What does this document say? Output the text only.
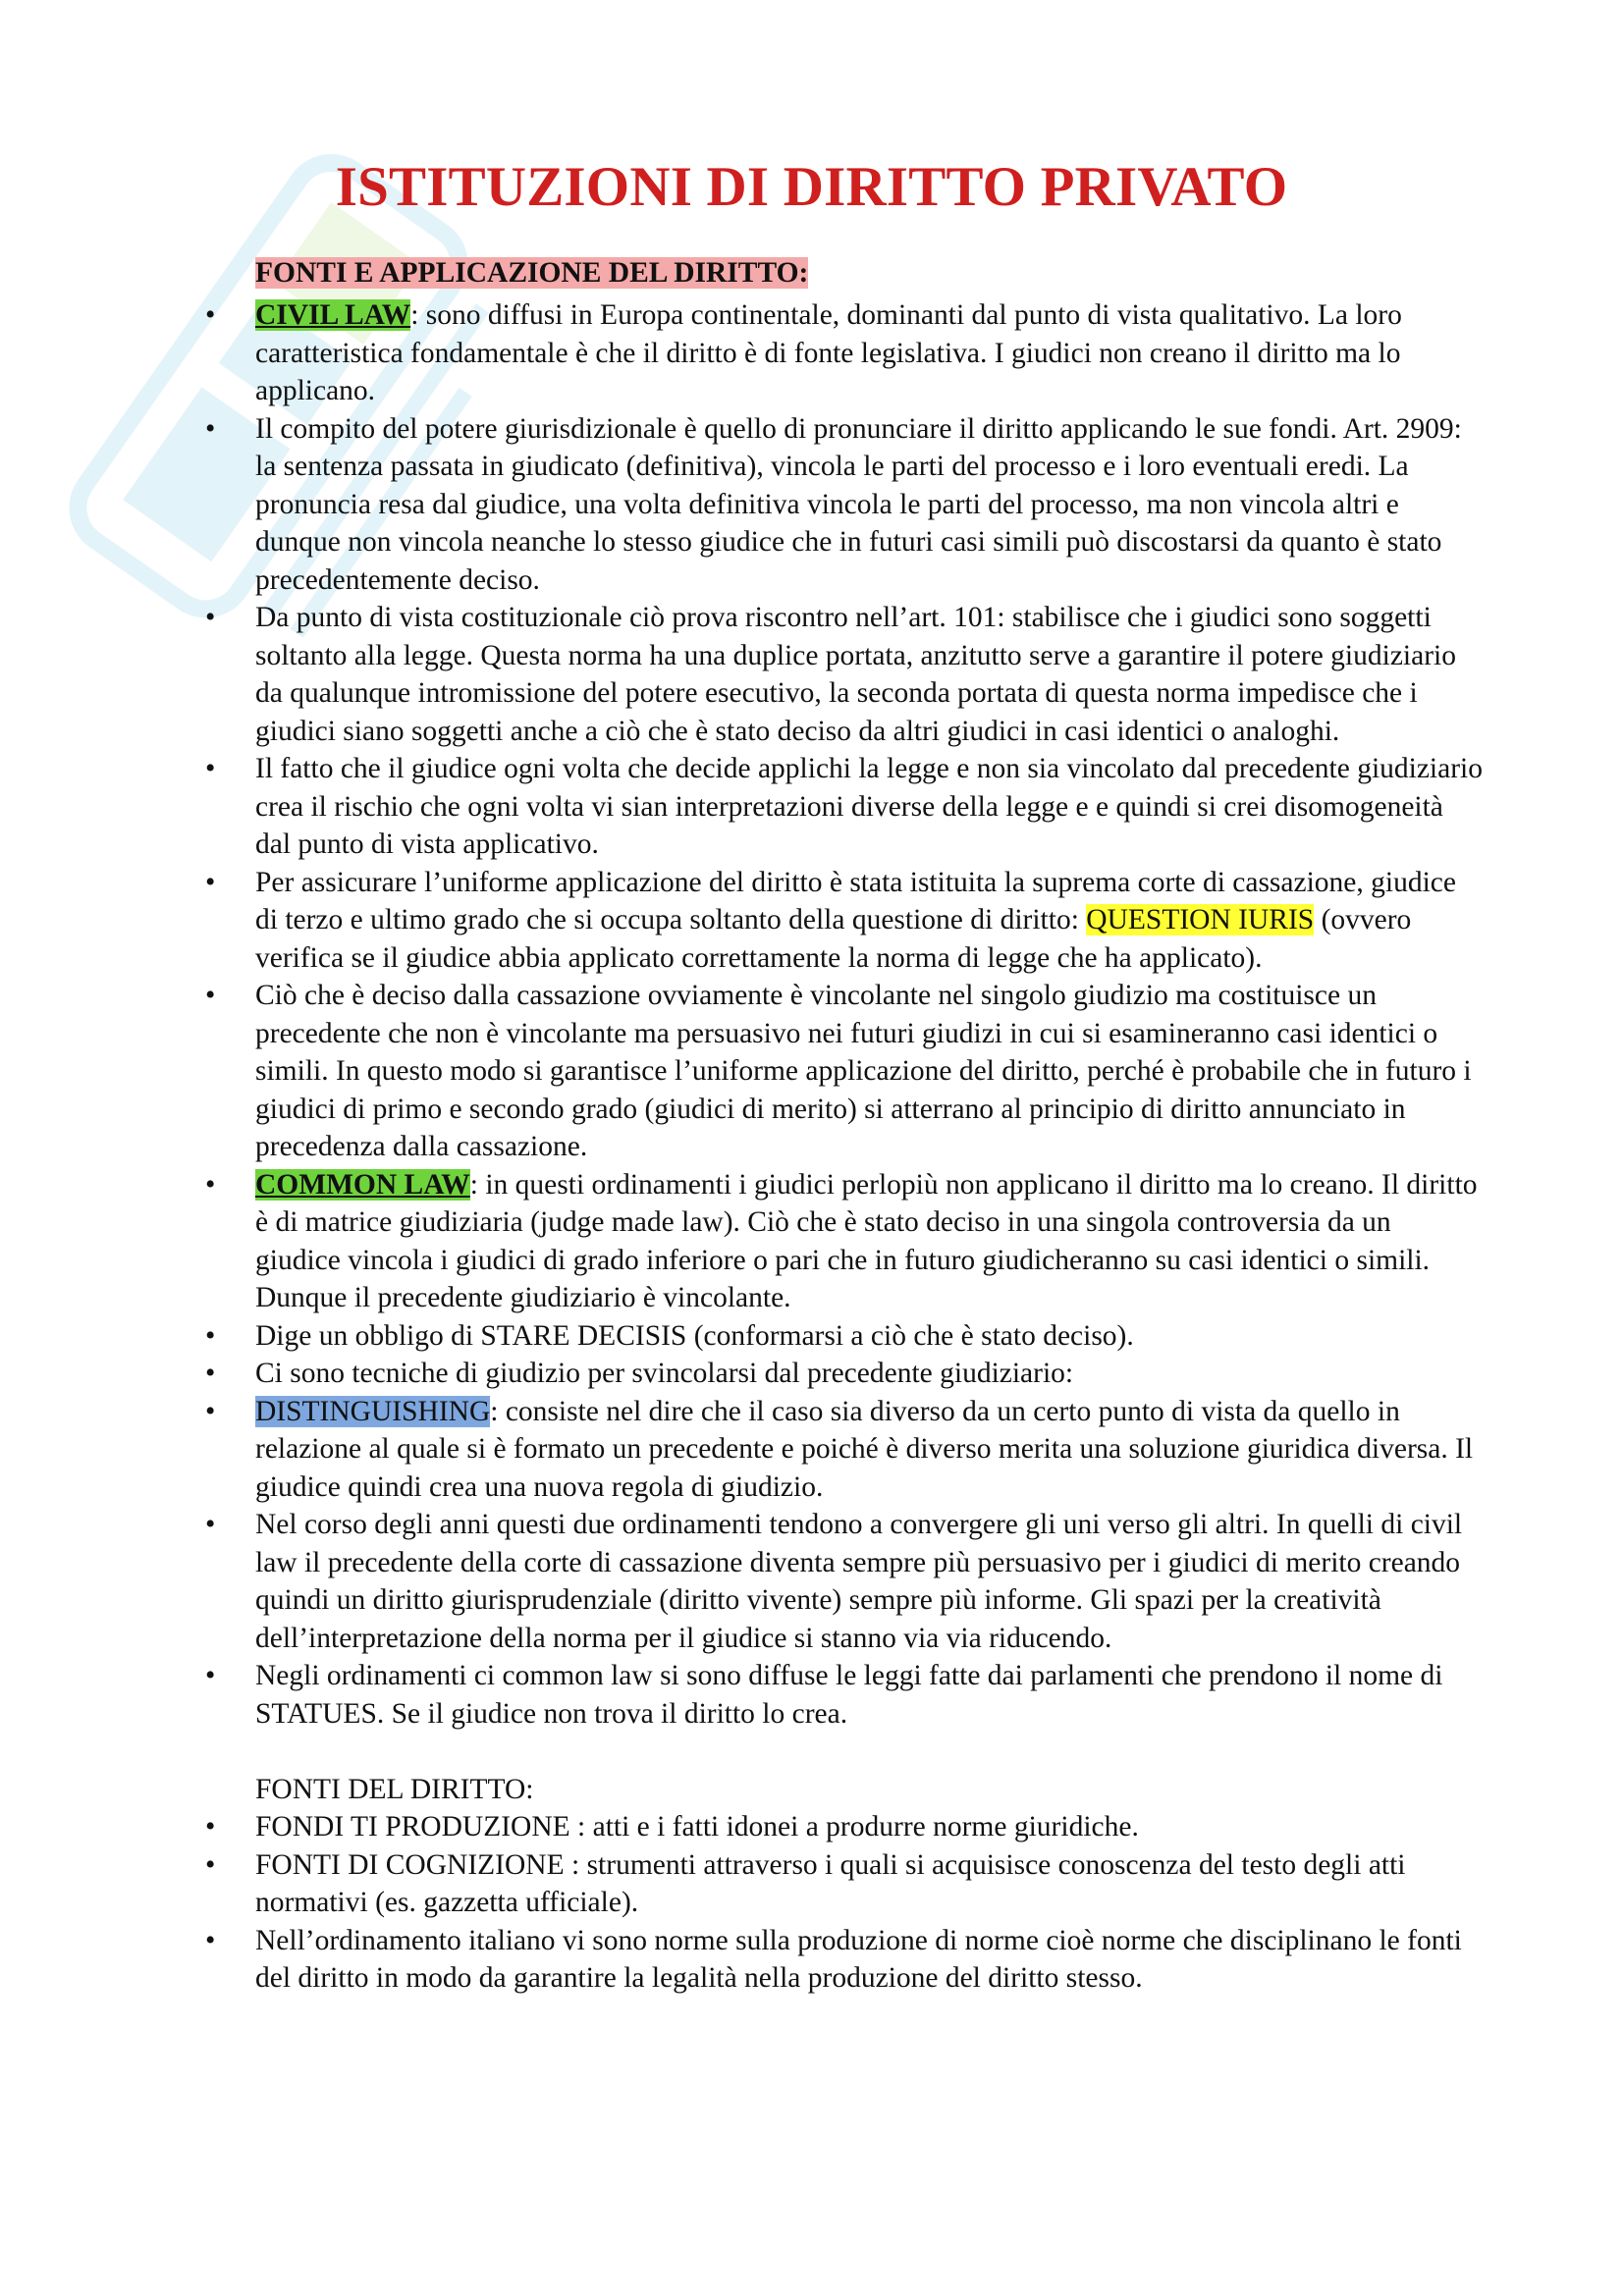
ISTITUZIONI DI DIRITTO PRIVATO
FONTI E APPLICAZIONE DEL DIRITTO:
• CIVIL LAW: sono diffusi in Europa continentale, dominanti dal punto di vista qualitativo. La loro caratteristica fondamentale è che il diritto è di fonte legislativa. I giudici non creano il diritto ma lo applicano.
• Il compito del potere giurisdizionale è quello di pronunciare il diritto applicando le sue fondi. Art. 2909: la sentenza passata in giudicato (definitiva), vincola le parti del processo e i loro eventuali eredi. La pronuncia resa dal giudice, una volta definitiva vincola le parti del processo, ma non vincola altri e dunque non vincola neanche lo stesso giudice che in futuri casi simili può discostarsi da quanto è stato precedentemente deciso.
• Da punto di vista costituzionale ciò prova riscontro nell’art. 101: stabilisce che i giudici sono soggetti soltanto alla legge. Questa norma ha una duplice portata, anzitutto serve a garantire il potere giudiziario da qualunque intromissione del potere esecutivo, la seconda portata di questa norma impedisce che i giudici siano soggetti anche a ciò che è stato deciso da altri giudici in casi identici o analoghi.
• Il fatto che il giudice ogni volta che decide applichi la legge e non sia vincolato dal precedente giudiziario crea il rischio che ogni volta vi sian interpretazioni diverse della legge e e quindi si crei disomogeneità dal punto di vista applicativo.
• Per assicurare l’uniforme applicazione del diritto è stata istituita la suprema corte di cassazione, giudice di terzo e ultimo grado che si occupa soltanto della questione di diritto: QUESTION IURIS (ovvero verifica se il giudice abbia applicato correttamente la norma di legge che ha applicato).
• Ciò che è deciso dalla cassazione ovviamente è vincolante nel singolo giudizio ma costituisce un precedente che non è vincolante ma persuasivo nei futuri giudizi in cui si esamineranno casi identici o simili. In questo modo si garantisce l’uniforme applicazione del diritto, perché è probabile che in futuro i giudici di primo e secondo grado (giudici di merito) si atterrano al principio di diritto annunciato in precedenza dalla cassazione.
• COMMON LAW: in questi ordinamenti i giudici perlopiù non applicano il diritto ma lo creano. Il diritto è di matrice giudiziaria (judge made law). Ciò che è stato deciso in una singola controversia da un giudice vincola i giudici di grado inferiore o pari che in futuro giudicheranno su casi identici o simili. Dunque il precedente giudiziario è vincolante.
• Dige un obbligo di STARE DECISIS (conformarsi a ciò che è stato deciso).
• Ci sono tecniche di giudizio per svincolarsi dal precedente giudiziario:
• DISTINGUISHING: consiste nel dire che il caso sia diverso da un certo punto di vista da quello in relazione al quale si è formato un precedente e poiché è diverso merita una soluzione giuridica diversa. Il giudice quindi crea una nuova regola di giudizio.
• Nel corso degli anni questi due ordinamenti tendono a convergere gli uni verso gli altri. In quelli di civil law il precedente della corte di cassazione diventa sempre più persuasivo per i giudici di merito creando quindi un diritto giurisprudenziale (diritto vivente) sempre più informe. Gli spazi per la creatività dell’interpretazione della norma per il giudice si stanno via via riducendo.
• Negli ordinamenti ci common law si sono diffuse le leggi fatte dai parlamenti che prendono il nome di STATUES. Se il giudice non trova il diritto lo crea.
FONTI DEL DIRITTO:
• FONDI TI PRODUZIONE : atti e i fatti idonei a produrre norme giuridiche.
• FONTI DI COGNIZIONE : strumenti attraverso i quali si acquisisce conoscenza del testo degli atti normativi (es. gazzetta ufficiale).
• Nell’ordinamento italiano vi sono norme sulla produzione di norme cioè norme che disciplinano le fonti del diritto in modo da garantire la legalità nella produzione del diritto stesso.
